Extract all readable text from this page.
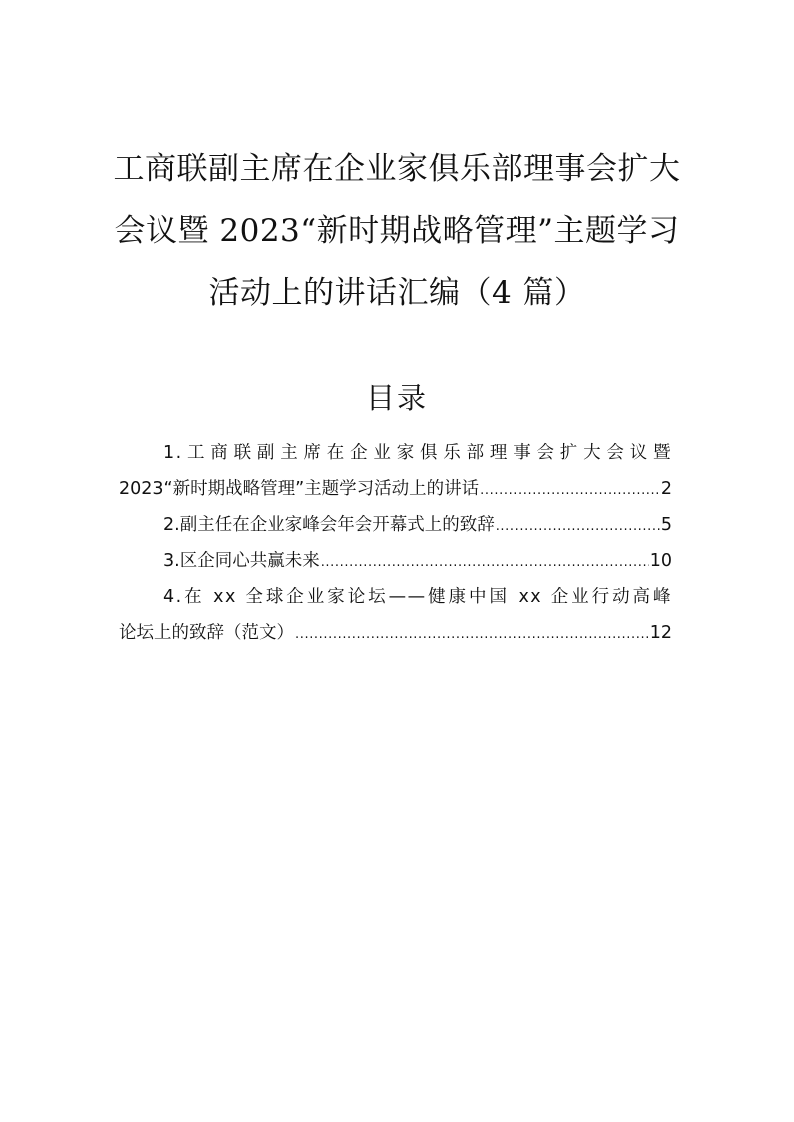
工商联副主席在企业家俱乐部理事会扩大
会议暨 2023“新时期战略管理”主题学习
活动上的讲话汇编（4 篇）
目录
1.工商联副主席在企业家俱乐部理事会扩大会议暨
2023“新时期战略管理”主题学习活动上的讲话 .....	2
2.副主任在企业家峰会年会开幕式上的致辞 .....	5
3.区企同心共赢未来 .....	10
4.在 xx 全球企业家论坛——健康中国 xx 企业行动高峰
论坛上的致辞（范文） .....	12
